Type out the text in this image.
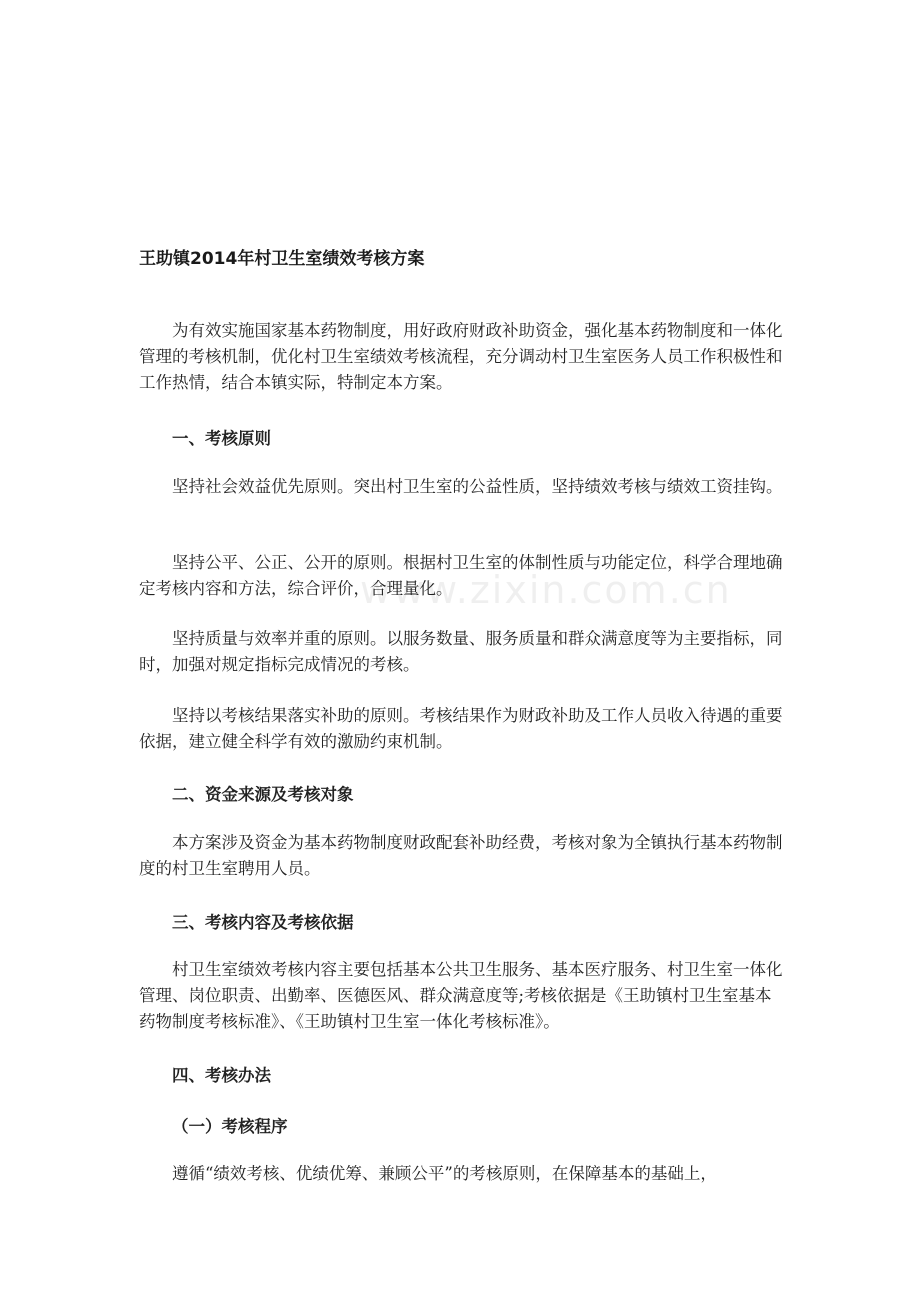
www.zixin.com.cn
王助镇2014年村卫生室绩效考核方案

为有效实施国家基本药物制度，用好政府财政补助资金，强化基本药物制度和一体化管理的考核机制，优化村卫生室绩效考核流程，充分调动村卫生室医务人员工作积极性和工作热情，结合本镇实际，特制定本方案。

一、考核原则

坚持社会效益优先原则。突出村卫生室的公益性质，坚持绩效考核与绩效工资挂钩。

坚持公平、公正、公开的原则。根据村卫生室的体制性质与功能定位，科学合理地确定考核内容和方法，综合评价，合理量化。

坚持质量与效率并重的原则。以服务数量、服务质量和群众满意度等为主要指标，同时，加强对规定指标完成情况的考核。

坚持以考核结果落实补助的原则。考核结果作为财政补助及工作人员收入待遇的重要依据，建立健全科学有效的激励约束机制。

二、资金来源及考核对象

本方案涉及资金为基本药物制度财政配套补助经费，考核对象为全镇执行基本药物制度的村卫生室聘用人员。

三、考核内容及考核依据

村卫生室绩效考核内容主要包括基本公共卫生服务、基本医疗服务、村卫生室一体化管理、岗位职责、出勤率、医德医风、群众满意度等;考核依据是《王助镇村卫生室基本药物制度考核标准》、《王助镇村卫生室一体化考核标准》。

四、考核办法
（一）考核程序

遵循“绩效考核、优绩优筹、兼顾公平”的考核原则，在保障基本的基础上，
